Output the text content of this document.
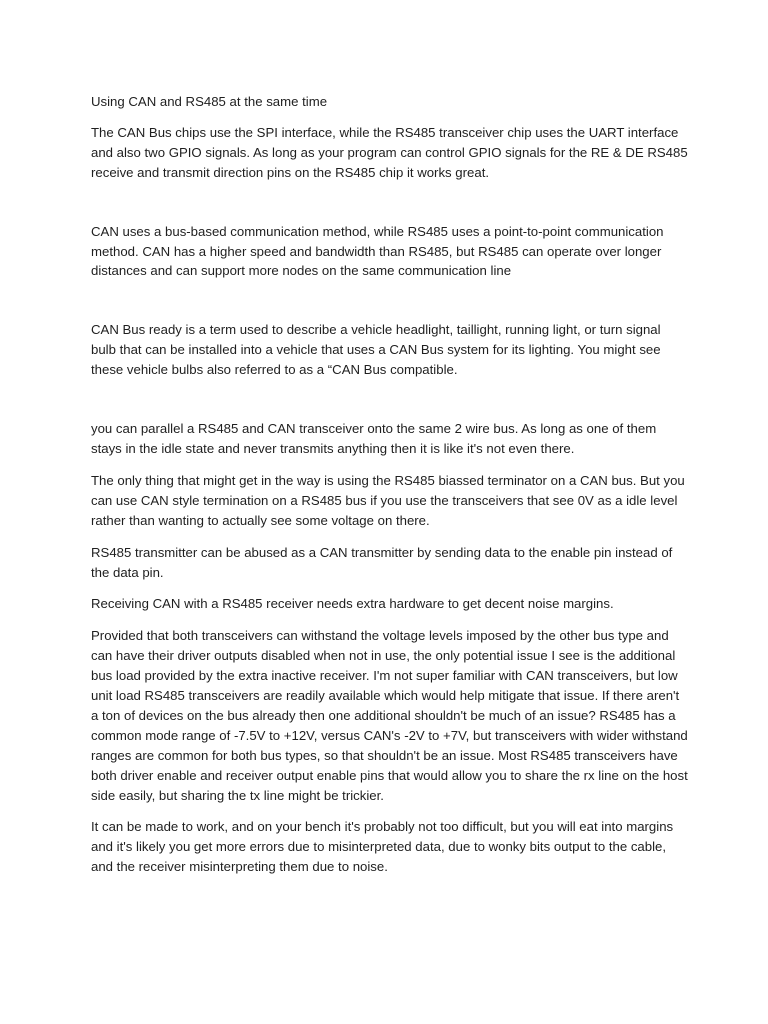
Using CAN and RS485 at the same time

The CAN Bus chips use the SPI interface, while the RS485 transceiver chip uses the UART interface and also two GPIO signals. As long as your program can control GPIO signals for the RE & DE RS485 receive and transmit direction pins on the RS485 chip it works great.

CAN uses a bus-based communication method, while RS485 uses a point-to-point communication method. CAN has a higher speed and bandwidth than RS485, but RS485 can operate over longer distances and can support more nodes on the same communication line

CAN Bus ready is a term used to describe a vehicle headlight, taillight, running light, or turn signal bulb that can be installed into a vehicle that uses a CAN Bus system for its lighting. You might see these vehicle bulbs also referred to as a “CAN Bus compatible.

you can parallel a RS485 and CAN transceiver onto the same 2 wire bus. As long as one of them stays in the idle state and never transmits anything then it is like it's not even there.

The only thing that might get in the way is using the RS485 biassed terminator on a CAN bus. But you can use CAN style termination on a RS485 bus if you use the transceivers that see 0V as a idle level rather than wanting to actually see some voltage on there.

RS485 transmitter can be abused as a CAN transmitter by sending data to the enable pin instead of the data pin.

Receiving CAN with a RS485 receiver needs extra hardware to get decent noise margins.

Provided that both transceivers can withstand the voltage levels imposed by the other bus type and can have their driver outputs disabled when not in use, the only potential issue I see is the additional bus load provided by the extra inactive receiver. I'm not super familiar with CAN transceivers, but low unit load RS485 transceivers are readily available which would help mitigate that issue. If there aren't a ton of devices on the bus already then one additional shouldn't be much of an issue? RS485 has a common mode range of -7.5V to +12V, versus CAN's -2V to +7V, but transceivers with wider withstand ranges are common for both bus types, so that shouldn't be an issue. Most RS485 transceivers have both driver enable and receiver output enable pins that would allow you to share the rx line on the host side easily, but sharing the tx line might be trickier.

It can be made to work, and on your bench it's probably not too difficult, but you will eat into margins and it's likely you get more errors due to misinterpreted data, due to wonky bits output to the cable, and the receiver misinterpreting them due to noise.
